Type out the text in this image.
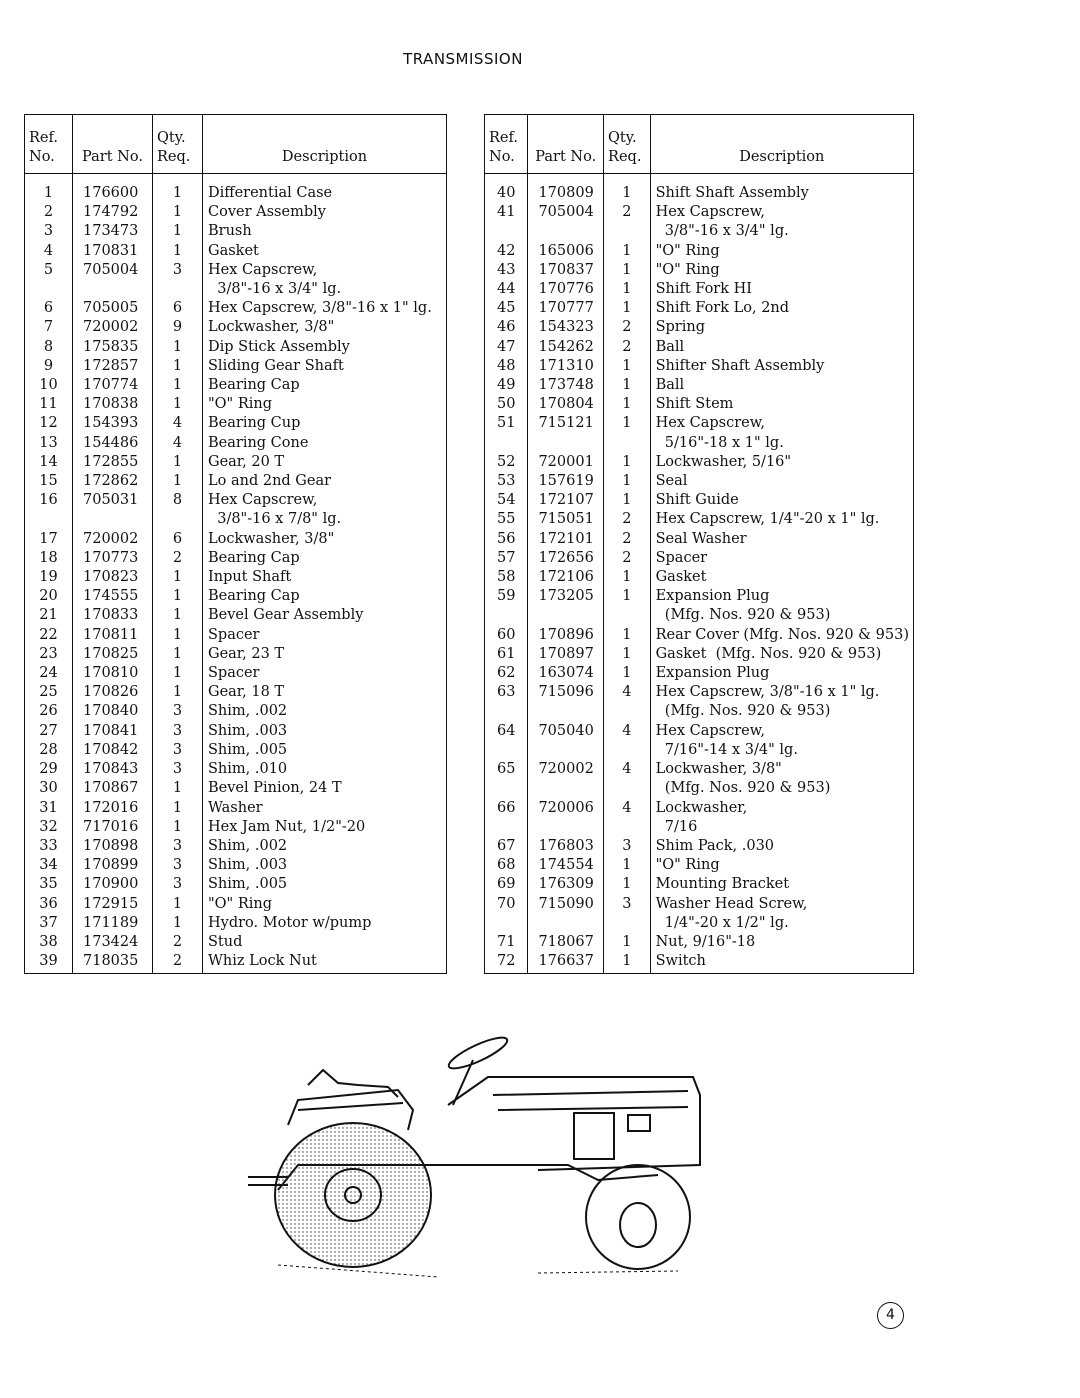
TRANSMISSION
Ref.
No.	Part No.	Qty.
Req.	Description
1	176600	1	Differential Case
2	174792	1	Cover Assembly
3	173473	1	Brush
4	170831	1	Gasket
5	705004	3	Hex Capscrew,
			3/8"-16 x 3/4" lg.
6	705005	6	Hex Capscrew, 3/8"-16 x 1" lg.
7	720002	9	Lockwasher, 3/8"
8	175835	1	Dip Stick Assembly
9	172857	1	Sliding Gear Shaft
10	170774	1	Bearing Cap
11	170838	1	"O" Ring
12	154393	4	Bearing Cup
13	154486	4	Bearing Cone
14	172855	1	Gear, 20 T
15	172862	1	Lo and 2nd Gear
16	705031	8	Hex Capscrew,
			3/8"-16 x 7/8" lg.
17	720002	6	Lockwasher, 3/8"
18	170773	2	Bearing Cap
19	170823	1	Input Shaft
20	174555	1	Bearing Cap
21	170833	1	Bevel Gear Assembly
22	170811	1	Spacer
23	170825	1	Gear, 23 T
24	170810	1	Spacer
25	170826	1	Gear, 18 T
26	170840	3	Shim, .002
27	170841	3	Shim, .003
28	170842	3	Shim, .005
29	170843	3	Shim, .010
30	170867	1	Bevel Pinion, 24 T
31	172016	1	Washer
32	717016	1	Hex Jam Nut, 1/2"-20
33	170898	3	Shim, .002
34	170899	3	Shim, .003
35	170900	3	Shim, .005
36	172915	1	"O" Ring
37	171189	1	Hydro. Motor w/pump
38	173424	2	Stud
39	718035	2	Whiz Lock Nut
Ref.
No.	Part No.	Qty.
Req.	Description
40	170809	1	Shift Shaft Assembly
41	705004	2	Hex Capscrew,
			3/8"-16 x 3/4" lg.
42	165006	1	"O" Ring
43	170837	1	"O" Ring
44	170776	1	Shift Fork HI
45	170777	1	Shift Fork Lo, 2nd
46	154323	2	Spring
47	154262	2	Ball
48	171310	1	Shifter Shaft Assembly
49	173748	1	Ball
50	170804	1	Shift Stem
51	715121	1	Hex Capscrew,
			5/16"-18 x 1" lg.
52	720001	1	Lockwasher, 5/16"
53	157619	1	Seal
54	172107	1	Shift Guide
55	715051	2	Hex Capscrew, 1/4"-20 x 1" lg.
56	172101	2	Seal Washer
57	172656	2	Spacer
58	172106	1	Gasket
59	173205	1	Expansion Plug
			(Mfg. Nos. 920 & 953)
60	170896	1	Rear Cover (Mfg. Nos. 920 & 953)
61	170897	1	Gasket  (Mfg. Nos. 920 & 953)
62	163074	1	Expansion Plug
63	715096	4	Hex Capscrew, 3/8"-16 x 1" lg.
			(Mfg. Nos. 920 & 953)
64	705040	4	Hex Capscrew,
			7/16"-14 x 3/4" lg.
65	720002	4	Lockwasher, 3/8"
			(Mfg. Nos. 920 & 953)
66	720006	4	Lockwasher,
			7/16
67	176803	3	Shim Pack, .030
68	174554	1	"O" Ring
69	176309	1	Mounting Bracket
70	715090	3	Washer Head Screw,
			1/4"-20 x 1/2" lg.
71	718067	1	Nut, 9/16"-18
72	176637	1	Switch
4
